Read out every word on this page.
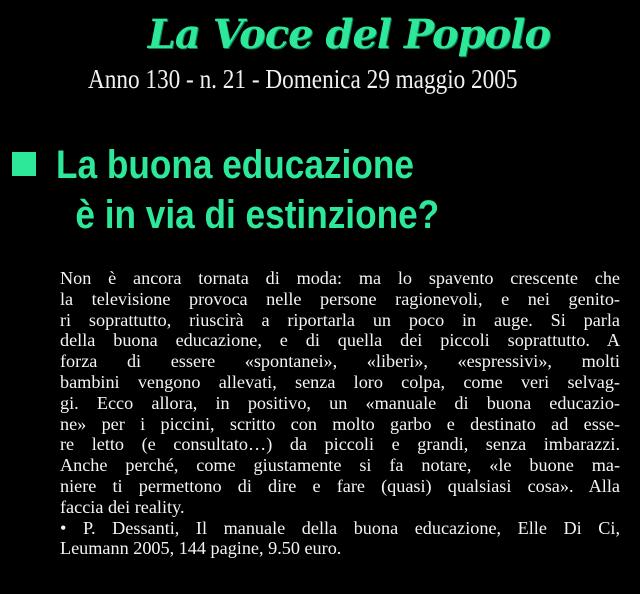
La Voce del Popolo
Anno 130 - n. 21 - Domenica 29 maggio 2005
La buona educazione
è in via di estinzione?
Non è ancora tornata di moda: ma lo spavento crescente che
la televisione provoca nelle persone ragionevoli, e nei genito-
ri soprattutto, riuscirà a riportarla un poco in auge. Si parla
della buona educazione, e di quella dei piccoli soprattutto. A
forza di essere «spontanei», «liberi», «espressivi», molti
bambini vengono allevati, senza loro colpa, come veri selvag-
gi. Ecco allora, in positivo, un «manuale di buona educazio-
ne» per i piccini, scritto con molto garbo e destinato ad esse-
re letto (e consultato…) da piccoli e grandi, senza imbarazzi.
Anche perché, come giustamente si fa notare, «le buone ma-
niere ti permettono di dire e fare (quasi) qualsiasi cosa». Alla
faccia dei reality.
• P. Dessanti, Il manuale della buona educazione, Elle Di Ci,
Leumann 2005, 144 pagine, 9.50 euro.
